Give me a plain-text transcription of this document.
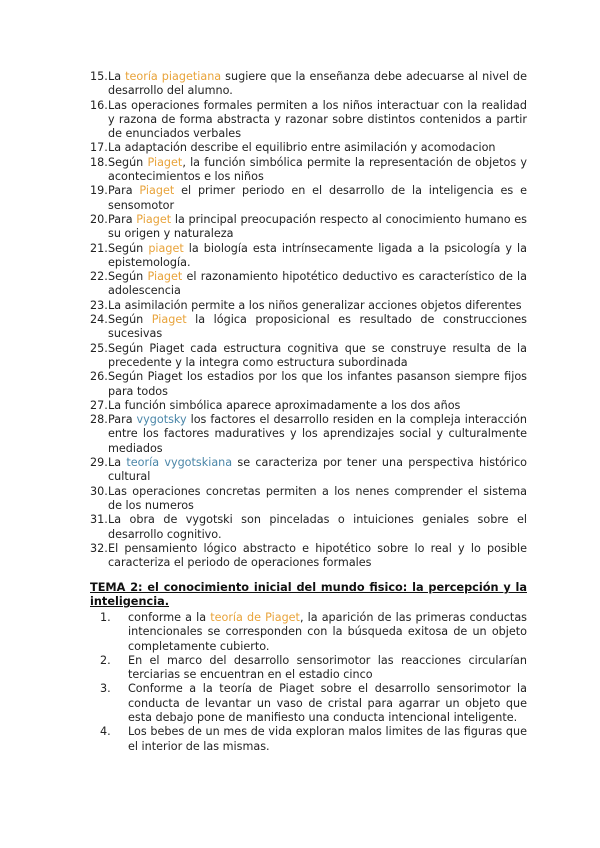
15. La teoría piagetiana sugiere que la enseñanza debe adecuarse al nivel de desarrollo del alumno.
16. Las operaciones formales permiten a los niños interactuar con la realidad y razona de forma abstracta y razonar sobre distintos contenidos a partir de enunciados verbales
17. La adaptación describe el equilibrio entre asimilación y acomodacion
18. Según Piaget, la función simbólica permite la representación de objetos y acontecimientos e los niños
19. Para Piaget el primer periodo en el desarrollo de la inteligencia es e sensomotor
20. Para Piaget la principal preocupación respecto al conocimiento humano es su origen y naturaleza
21. Según piaget la biología esta intrínsecamente ligada a la psicología y la epistemología.
22. Según Piaget el razonamiento hipotético deductivo es característico de la adolescencia
23. La asimilación permite a los niños generalizar acciones objetos diferentes
24. Según Piaget la lógica proposicional es resultado de construcciones sucesivas
25. Según Piaget cada estructura cognitiva que se construye resulta de la precedente y la integra como estructura subordinada
26. Según Piaget los estadios por los que los infantes pasanson siempre fijos para todos
27. La función simbólica aparece aproximadamente a los dos años
28. Para vygotsky los factores el desarrollo residen en la compleja interacción entre los factores maduratives y los aprendizajes social y culturalmente mediados
29. La teoría vygotskiana se caracteriza por tener una perspectiva histórico cultural
30. Las operaciones concretas permiten a los nenes comprender el sistema de los numeros
31. La obra de vygotski son pinceladas o intuiciones geniales sobre el desarrollo cognitivo.
32. El pensamiento lógico abstracto e hipotético sobre lo real y lo posible caracteriza el periodo de operaciones formales
TEMA 2: el conocimiento inicial del mundo fisico: la percepción y la inteligencia.
1. conforme a la teoría de Piaget, la aparición de las primeras conductas intencionales se corresponden con la búsqueda exitosa de un objeto completamente cubierto.
2. En el marco del desarrollo sensorimotor las reacciones circularían terciarias se encuentran en el estadio cinco
3. Conforme a la teoría de Piaget sobre el desarrollo sensorimotor la conducta de levantar un vaso de cristal para agarrar un objeto que esta debajo pone de manifiesto una conducta intencional inteligente.
4. Los bebes de un mes de vida exploran malos limites de las figuras que el interior de las mismas.
